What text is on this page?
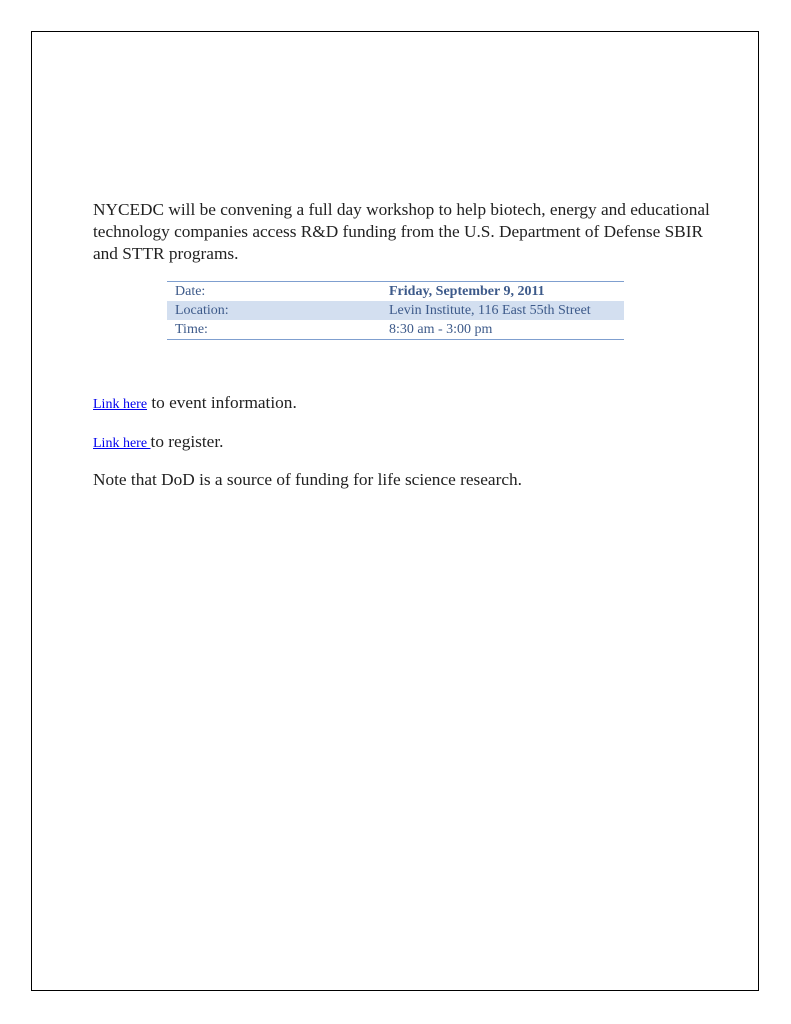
NYCEDC will be convening a full day workshop to help biotech, energy and educational technology companies access R&D funding from the U.S. Department of Defense SBIR and STTR programs.

Date:	Friday, September 9, 2011
Location:	Levin Institute, 116 East 55th Street
Time:	8:30 am - 3:00 pm

Link here to event information.

Link here to register.

Note that DoD is a source of funding for life science research.
